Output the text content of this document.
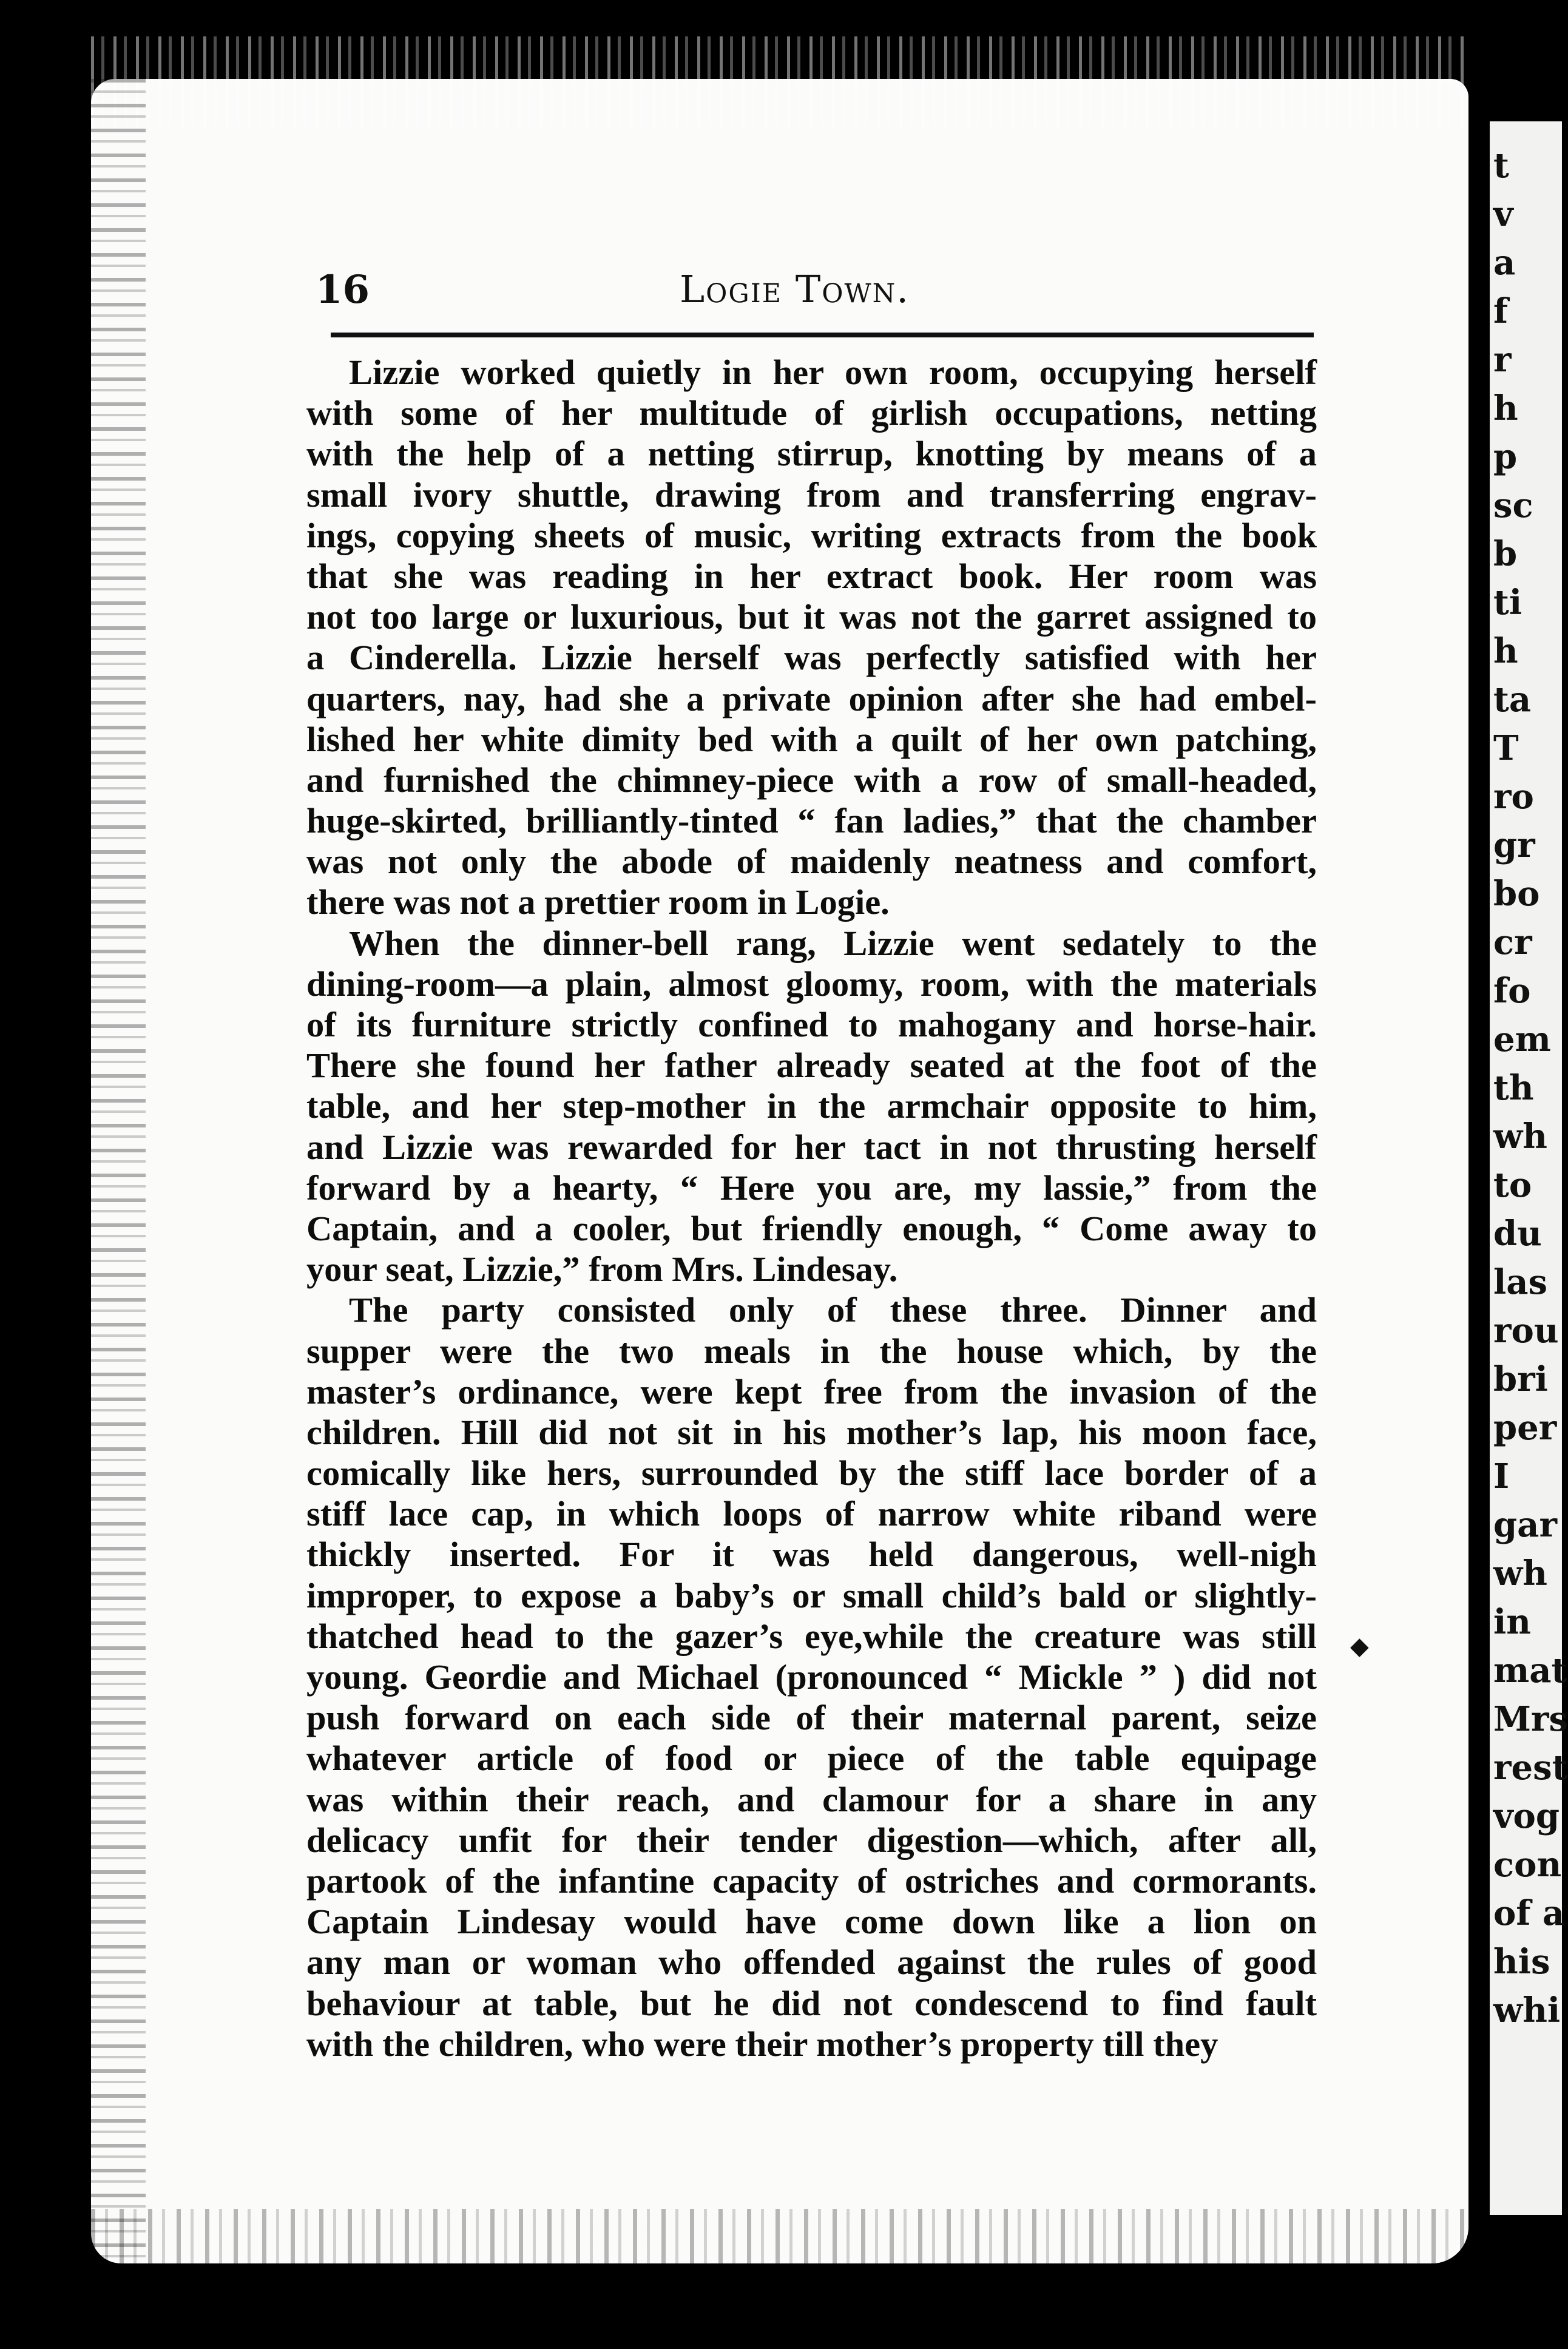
t
v
a
f
r
h
p
sc
b
ti
h
ta
T
ro
gr
bo
cr
fo
em
th
wh
to
du
las
rou
bri
per
I
gar
wh
in
mat
Mrs
rest
vog
con
of a
his
whi
16	Logie Town.
Lizzie worked quietly in her own room, occupying herself
with some of her multitude of girlish occupations, netting
with the help of a netting stirrup, knotting by means of a
small ivory shuttle, drawing from and transferring engrav-
ings, copying sheets of music, writing extracts from the book
that she was reading in her extract book. Her room was
not too large or luxurious, but it was not the garret assigned to
a Cinderella. Lizzie herself was perfectly satisfied with her
quarters, nay, had she a private opinion after she had embel-
lished her white dimity bed with a quilt of her own patching,
and furnished the chimney-piece with a row of small-headed,
huge-skirted, brilliantly-tinted “ fan ladies,” that the chamber
was not only the abode of maidenly neatness and comfort,
there was not a prettier room in Logie.
When the dinner-bell rang, Lizzie went sedately to the
dining-room—a plain, almost gloomy, room, with the materials
of its furniture strictly confined to mahogany and horse-hair.
There she found her father already seated at the foot of the
table, and her step-mother in the armchair opposite to him,
and Lizzie was rewarded for her tact in not thrusting herself
forward by a hearty, “ Here you are, my lassie,” from the
Captain, and a cooler, but friendly enough, “ Come away to
your seat, Lizzie,” from Mrs. Lindesay.
The party consisted only of these three. Dinner and
supper were the two meals in the house which, by the
master’s ordinance, were kept free from the invasion of the
children. Hill did not sit in his mother’s lap, his moon face,
comically like hers, surrounded by the stiff lace border of a
stiff lace cap, in which loops of narrow white riband were
thickly inserted. For it was held dangerous, well-nigh
improper, to expose a baby’s or small child’s bald or slightly-
thatched head to the gazer’s eye,while the creature was still
young. Geordie and Michael (pronounced “ Mickle ” ) did not
push forward on each side of their maternal parent, seize
whatever article of food or piece of the table equipage
was within their reach, and clamour for a share in any
delicacy unfit for their tender digestion—which, after all,
partook of the infantine capacity of ostriches and cormorants.
Captain Lindesay would have come down like a lion on
any man or woman who offended against the rules of good
behaviour at table, but he did not condescend to find fault
with the children, who were their mother’s property till they
◆
